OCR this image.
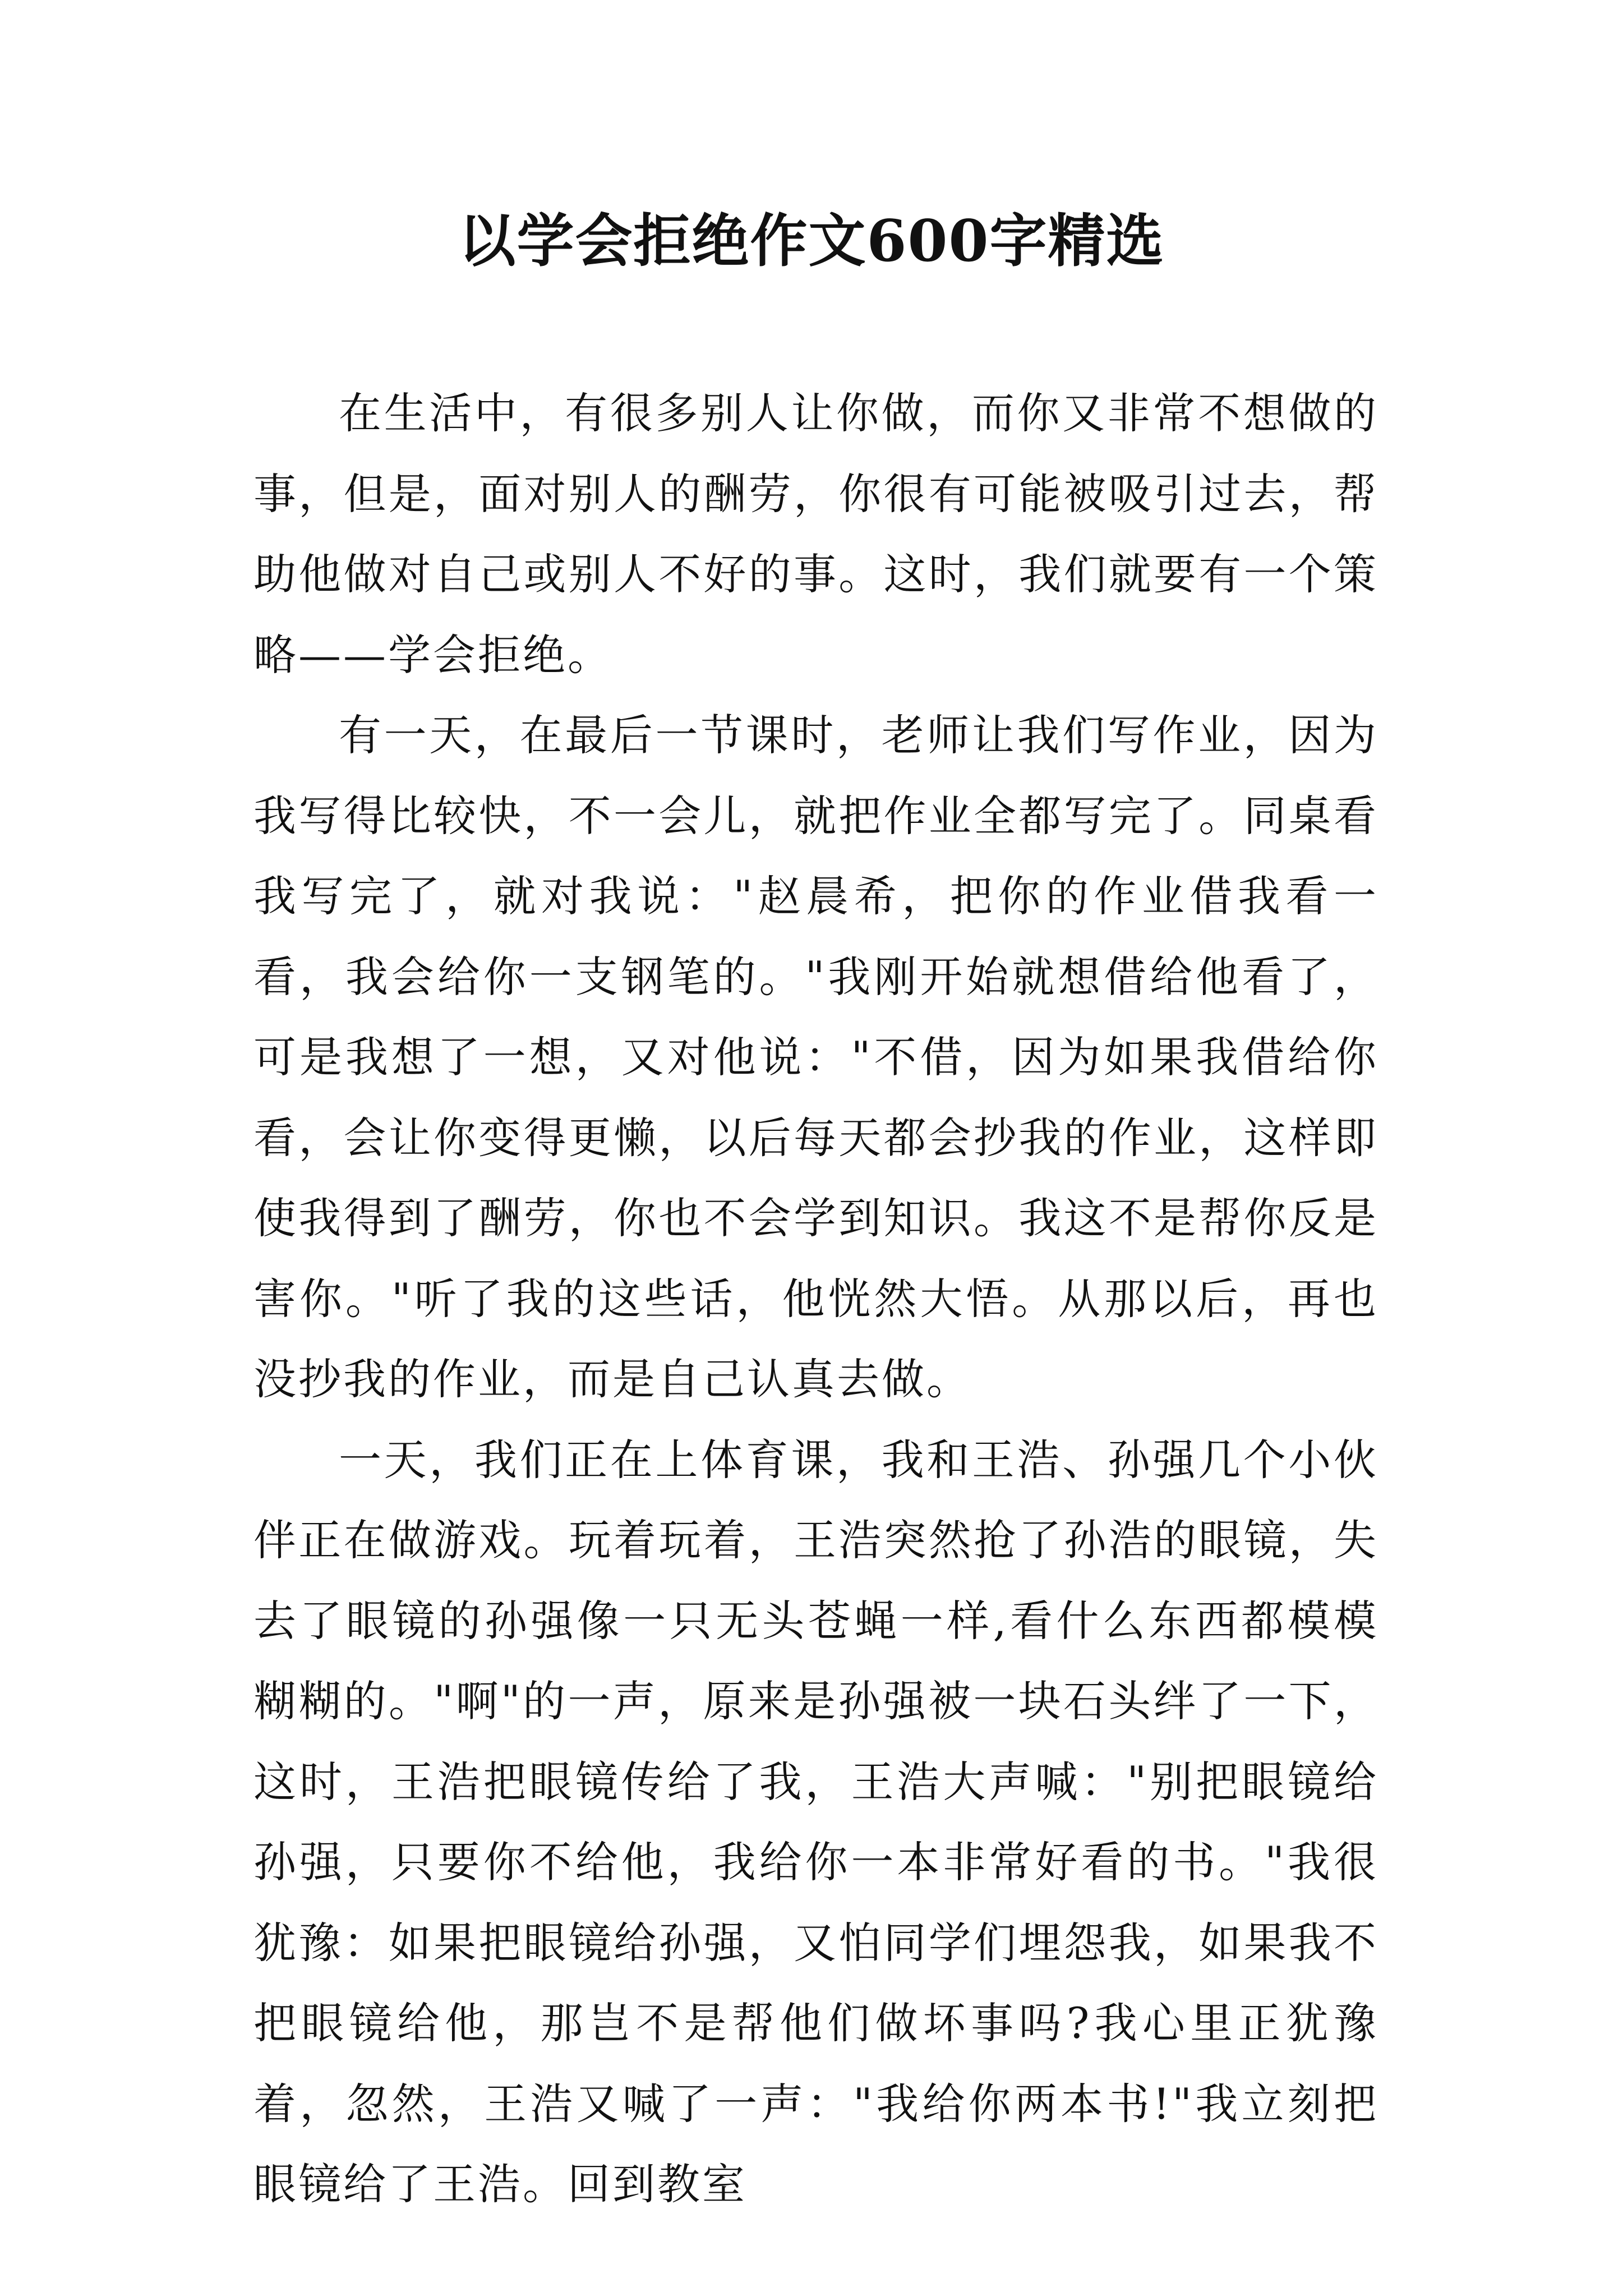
以学会拒绝作文600字精选

在生活中，有很多别人让你做，而你又非常不想做的事，但是，面对别人的酬劳，你很有可能被吸引过去，帮助他做对自己或别人不好的事。这时，我们就要有一个策略——学会拒绝。

有一天，在最后一节课时，老师让我们写作业，因为我写得比较快，不一会儿，就把作业全都写完了。同桌看我写完了，就对我说："赵晨希，把你的作业借我看一看，我会给你一支钢笔的。"我刚开始就想借给他看了，可是我想了一想，又对他说："不借，因为如果我借给你看，会让你变得更懒，以后每天都会抄我的作业，这样即使我得到了酬劳，你也不会学到知识。我这不是帮你反是害你。"听了我的这些话，他恍然大悟。从那以后，再也没抄我的作业，而是自己认真去做。

一天，我们正在上体育课，我和王浩、孙强几个小伙伴正在做游戏。玩着玩着，王浩突然抢了孙浩的眼镜，失去了眼镜的孙强像一只无头苍蝇一样,看什么东西都模模糊糊的。"啊"的一声，原来是孙强被一块石头绊了一下，这时，王浩把眼镜传给了我，王浩大声喊："别把眼镜给孙强，只要你不给他，我给你一本非常好看的书。"我很犹豫：如果把眼镜给孙强，又怕同学们埋怨我，如果我不把眼镜给他，那岂不是帮他们做坏事吗?我心里正犹豫着，忽然，王浩又喊了一声："我给你两本书!"我立刻把眼镜给了王浩。回到教室
